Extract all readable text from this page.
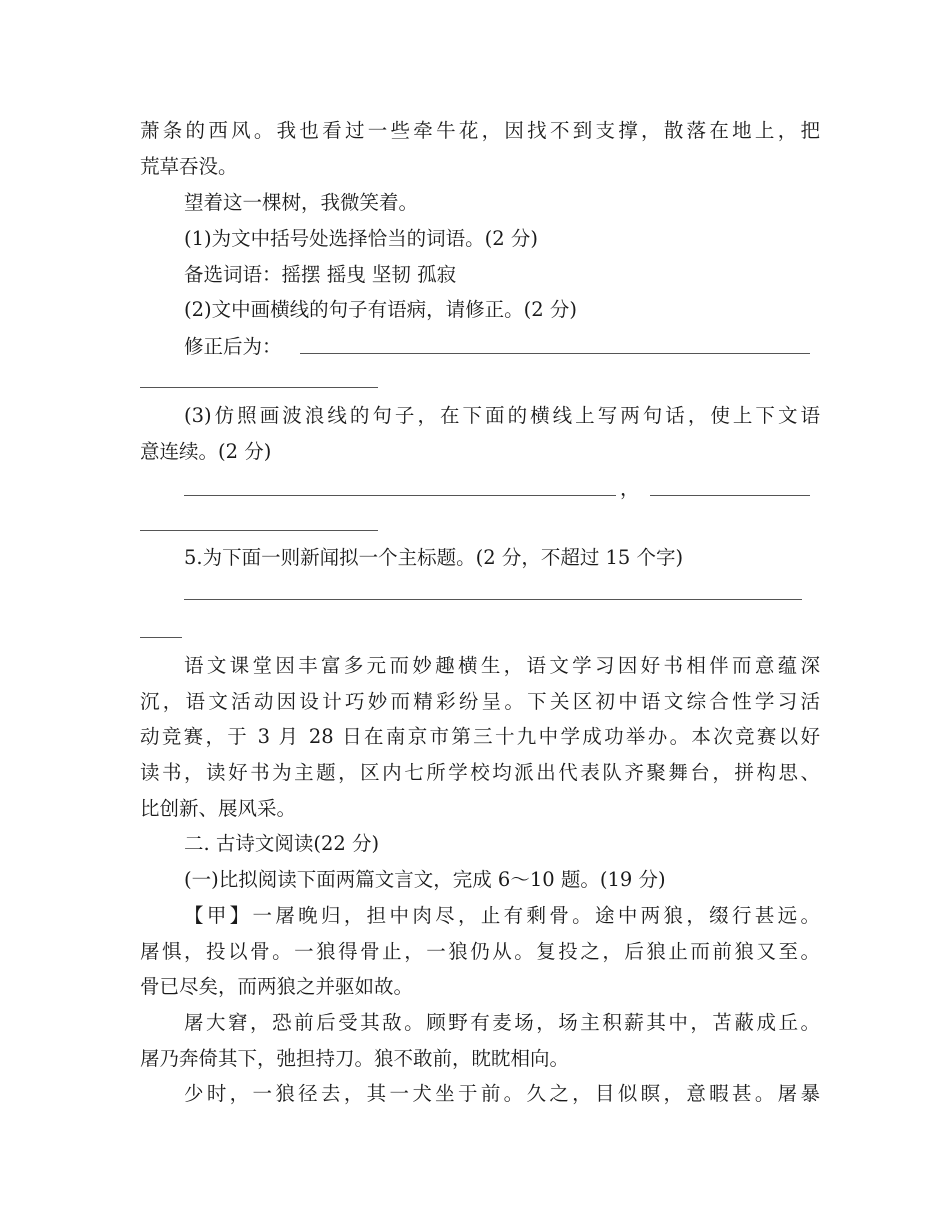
萧条的西风。我也看过一些牵牛花，因找不到支撑，散落在地上，把
荒草吞没。
望着这一棵树，我微笑着。
(1)为文中括号处选择恰当的词语。(2 分)
备选词语：摇摆 摇曳 坚韧 孤寂
(2)文中画横线的句子有语病，请修正。(2 分)
修正后为：
(3)仿照画波浪线的句子，在下面的横线上写两句话，使上下文语
意连续。(2 分)
，
5.为下面一则新闻拟一个主标题。(2 分，不超过 15 个字)
语文课堂因丰富多元而妙趣横生，语文学习因好书相伴而意蕴深
沉，语文活动因设计巧妙而精彩纷呈。下关区初中语文综合性学习活
动竞赛，于 3 月 28 日在南京市第三十九中学成功举办。本次竞赛以好
读书，读好书为主题，区内七所学校均派出代表队齐聚舞台，拼构思、
比创新、展风采。
二. 古诗文阅读(22 分)
(一)比拟阅读下面两篇文言文，完成 6～10 题。(19 分)
【甲】一屠晚归，担中肉尽，止有剩骨。途中两狼，缀行甚远。
屠惧，投以骨。一狼得骨止，一狼仍从。复投之，后狼止而前狼又至。
骨已尽矣，而两狼之并驱如故。
屠大窘，恐前后受其敌。顾野有麦场，场主积薪其中，苫蔽成丘。
屠乃奔倚其下，弛担持刀。狼不敢前，眈眈相向。
少时，一狼径去，其一犬坐于前。久之，目似瞑，意暇甚。屠暴
